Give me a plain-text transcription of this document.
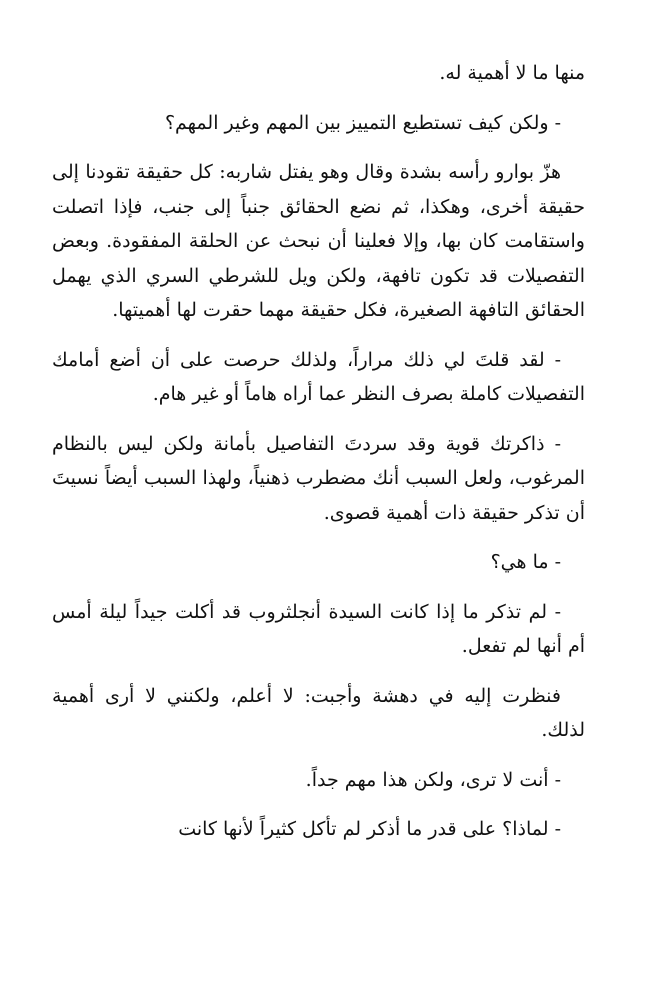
منها ما لا أهمية له.

- ولكن كيف تستطيع التمييز بين المهم وغير المهم؟

هزّ بوارو رأسه بشدة وقال وهو يفتل شاربه: كل حقيقة تقودنا إلى حقيقة أخرى، وهكذا، ثم نضع الحقائق جنباً إلى جنب، فإذا اتصلت واستقامت كان بها، وإلا فعلينا أن نبحث عن الحلقة المفقودة. وبعض التفصيلات قد تكون تافهة، ولكن ويل للشرطي السري الذي يهمل الحقائق التافهة الصغيرة، فكل حقيقة مهما حقرت لها أهميتها.

- لقد قلتَ لي ذلك مراراً، ولذلك حرصت على أن أضع أمامك التفصيلات كاملة بصرف النظر عما أراه هاماً أو غير هام.

- ذاكرتك قوية وقد سردتَ التفاصيل بأمانة ولكن ليس بالنظام المرغوب، ولعل السبب أنك مضطرب ذهنياً، ولهذا السبب أيضاً نسيتَ أن تذكر حقيقة ذات أهمية قصوى.

- ما هي؟

- لم تذكر ما إذا كانت السيدة أنجلثروب قد أكلت جيداً ليلة أمس أم أنها لم تفعل.

فنظرت إليه في دهشة وأجبت: لا أعلم، ولكنني لا أرى أهمية لذلك.

- أنت لا ترى، ولكن هذا مهم جداً.

- لماذا؟ على قدر ما أذكر لم تأكل كثيراً لأنها كانت
